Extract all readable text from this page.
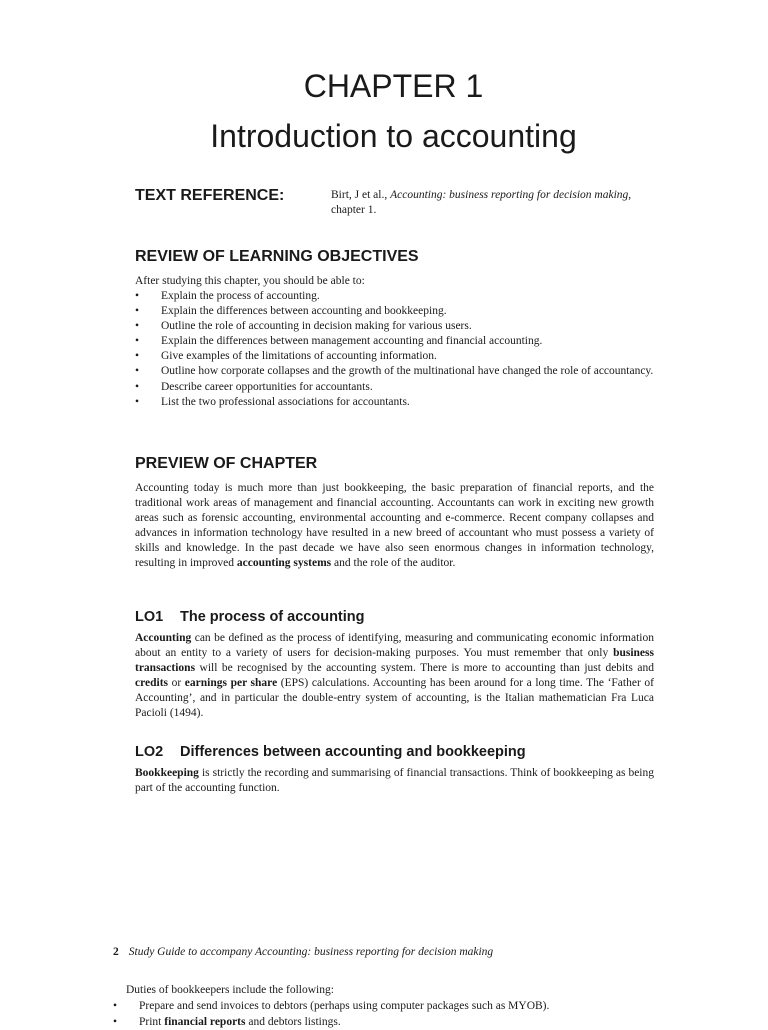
CHAPTER 1
Introduction to accounting
TEXT REFERENCE:	Birt, J et al., Accounting: business reporting for decision making, chapter 1.
REVIEW OF LEARNING OBJECTIVES
After studying this chapter, you should be able to:
• Explain the process of accounting.
• Explain the differences between accounting and bookkeeping.
• Outline the role of accounting in decision making for various users.
• Explain the differences between management accounting and financial accounting.
• Give examples of the limitations of accounting information.
• Outline how corporate collapses and the growth of the multinational have changed the role of accountancy.
• Describe career opportunities for accountants.
• List the two professional associations for accountants.
PREVIEW OF CHAPTER
Accounting today is much more than just bookkeeping, the basic preparation of financial reports, and the traditional work areas of management and financial accounting. Accountants can work in exciting new growth areas such as forensic accounting, environmental accounting and e-commerce. Recent company collapses and advances in information technology have resulted in a new breed of accountant who must possess a variety of skills and knowledge. In the past decade we have also seen enormous changes in information technology, resulting in improved accounting systems and the role of the auditor.
LO1 The process of accounting
Accounting can be defined as the process of identifying, measuring and communicating economic information about an entity to a variety of users for decision-making purposes. You must remember that only business transactions will be recognised by the accounting system. There is more to accounting than just debits and credits or earnings per share (EPS) calculations. Accounting has been around for a long time. The ‘Father of Accounting’, and in particular the double-entry system of accounting, is the Italian mathematician Fra Luca Pacioli (1494).
LO2 Differences between accounting and bookkeeping
Bookkeeping is strictly the recording and summarising of financial transactions. Think of bookkeeping as being part of the accounting function.
2 Study Guide to accompany Accounting: business reporting for decision making
Duties of bookkeepers include the following:
• Prepare and send invoices to debtors (perhaps using computer packages such as MYOB).
• Print financial reports and debtors listings.
